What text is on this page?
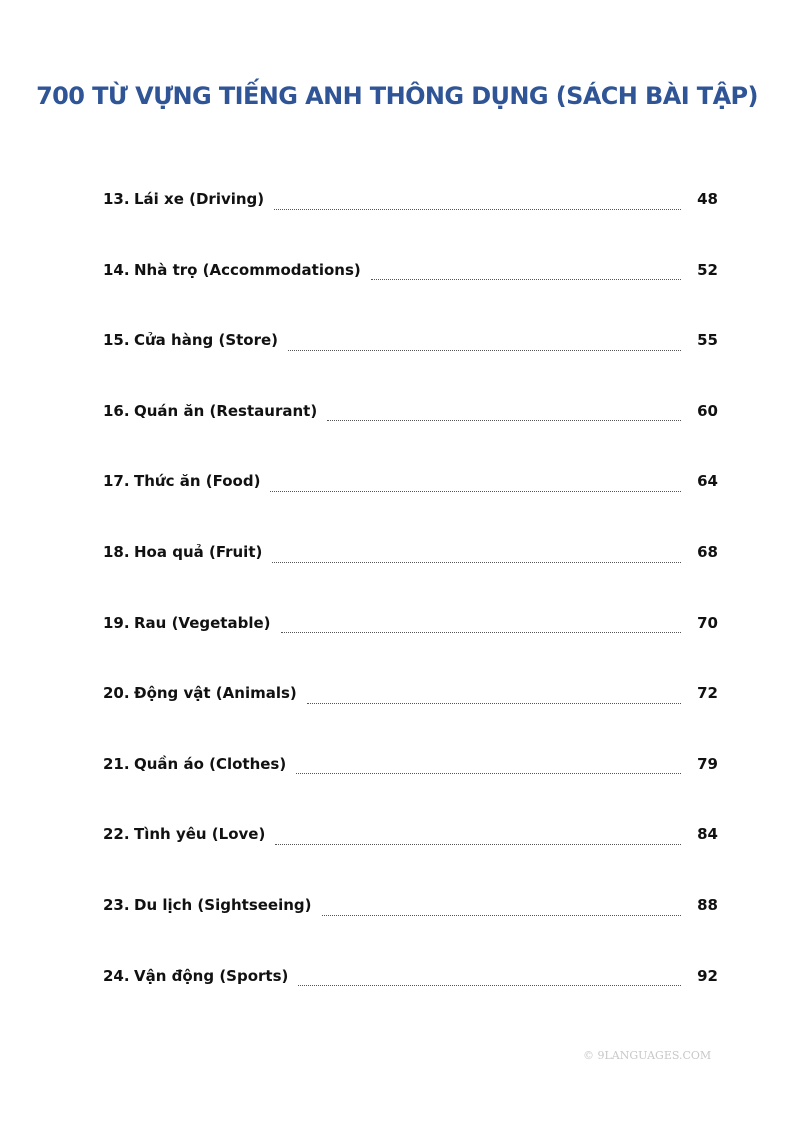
700 TỪ VỰNG TIẾNG ANH THÔNG DỤNG (SÁCH BÀI TẬP)
13. Lái xe (Driving)	48
14. Nhà trọ (Accommodations)	52
15. Cửa hàng (Store)	55
16. Quán ăn (Restaurant)	60
17. Thức ăn (Food)	64
18. Hoa quả (Fruit)	68
19. Rau (Vegetable)	70
20. Động vật (Animals)	72
21. Quần áo (Clothes)	79
22. Tình yêu (Love)	84
23. Du lịch (Sightseeing)	88
24. Vận động (Sports)	92
© 9LANGUAGES.COM
